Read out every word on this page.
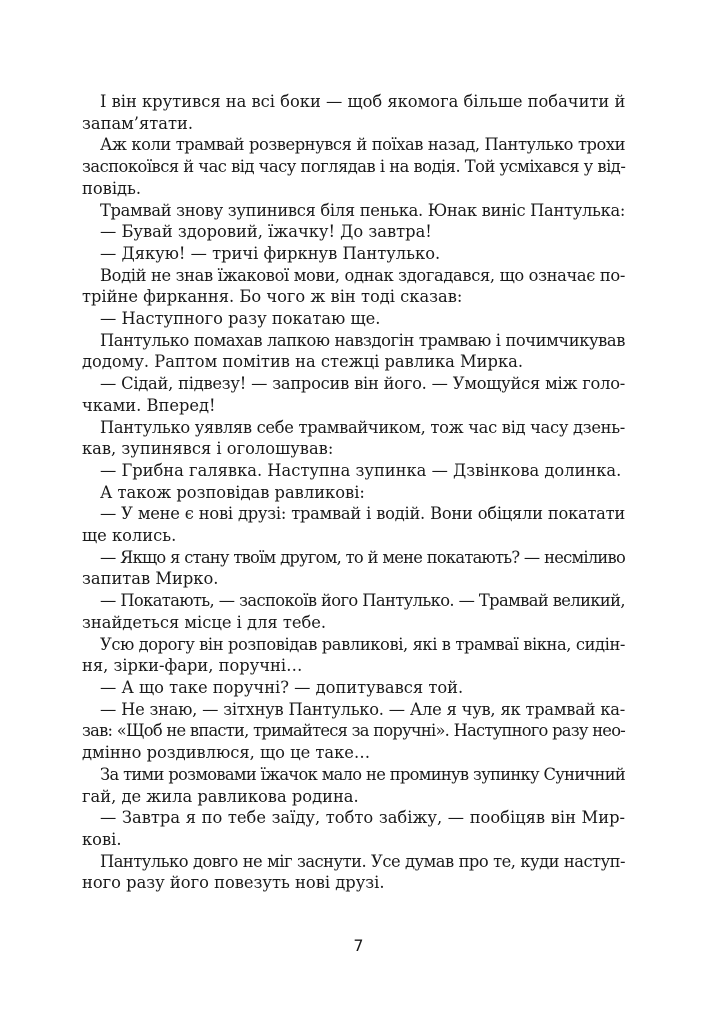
І він крутився на всі боки — щоб якомога більше побачити й
запам’ятати.
Аж коли трамвай розвернувся й поїхав назад, Пантулько трохи
заспокоївся й час від часу поглядав і на водія. Той усміхався у від-
повідь.
Трамвай знову зупинився біля пенька. Юнак виніс Пантулька:
— Бувай здоровий, їжачку! До завтра!
— Дякую! — тричі фиркнув Пантулько.
Водій не знав їжакової мови, однак здогадався, що означає по-
трійне фиркання. Бо чого ж він тоді сказав:
— Наступного разу покатаю ще.
Пантулько помахав лапкою навздогін трамваю і почимчикував
додому. Раптом помітив на стежці равлика Мирка.
— Сідай, підвезу! — запросив він його. — Умощуйся між голо-
чками. Вперед!
Пантулько уявляв себе трамвайчиком, тож час від часу дзень-
кав, зупинявся і оголошував:
— Грибна галявка. Наступна зупинка — Дзвінкова долинка.
А також розповідав равликові:
— У мене є нові друзі: трамвай і водій. Вони обіцяли покатати
ще колись.
— Якщо я стану твоїм другом, то й мене покатають? — несміливо
запитав Мирко.
— Покатають, — заспокоїв його Пантулько. — Трамвай великий,
знайдеться місце і для тебе.
Усю дорогу він розповідав равликові, які в трамваї вікна, сидін-
ня, зірки-фари, поручні…
— А що таке поручні? — допитувався той.
— Не знаю, — зітхнув Пантулько. — Але я чув, як трамвай ка-
зав: «Щоб не впасти, тримайтеся за поручні». Наступного разу нео-
дмінно роздивлюся, що це таке…
За тими розмовами їжачок мало не проминув зупинку Суничний
гай, де жила равликова родина.
— Завтра я по тебе заїду, тобто забіжу, — пообіцяв він Мир-
кові.
Пантулько довго не міг заснути. Усе думав про те, куди наступ-
ного разу його повезуть нові друзі.
7
